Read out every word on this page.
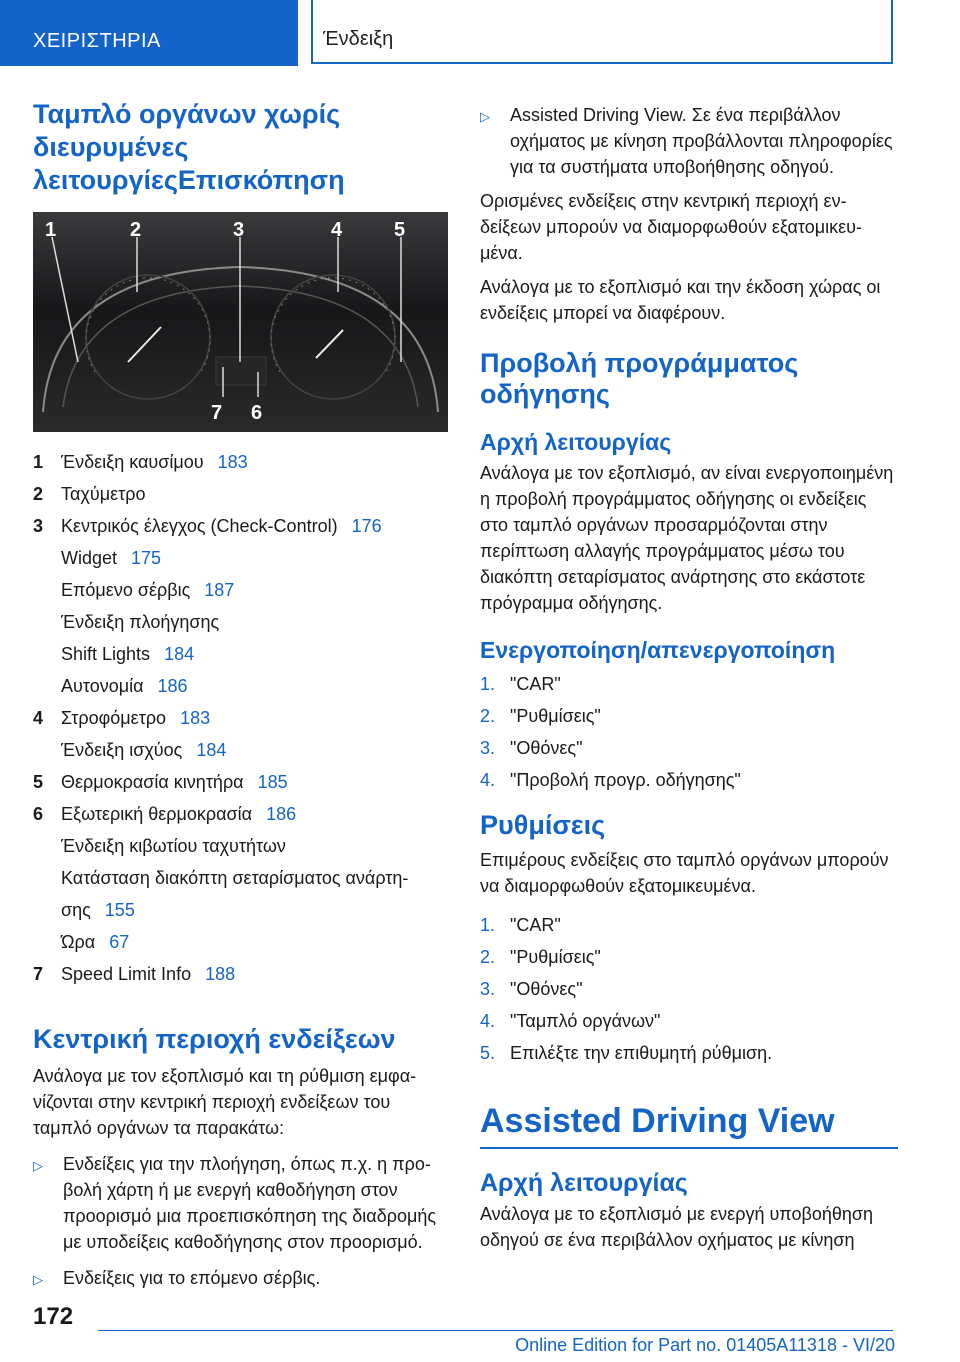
ΧΕΙΡΙΣΤΗΡΙΑ	Ένδειξη
Ταμπλό οργάνων χωρίς
διευρυμένες
λειτουργίεςΕπισκόπηση
1	2	3	4	5
7 6
1 Ένδειξη καυσίμου 183
2 Ταχύμετρο
3 Κεντρικός έλεγχος (Check-Control) 176
Widget 175
Επόμενο σέρβις 187
Ένδειξη πλοήγησης
Shift Lights 184
Αυτονομία 186
4 Στροφόμετρο 183
Ένδειξη ισχύος 184
5 Θερμοκρασία κινητήρα 185
6 Εξωτερική θερμοκρασία 186
Ένδειξη κιβωτίου ταχυτήτων
Κατάσταση διακόπτη σεταρίσματος ανάρτη-
σης 155
Ώρα 67
7 Speed Limit Info 188
Κεντρική περιοχή ενδείξεων

Ανάλογα με τον εξοπλισμό και τη ρύθμιση εμφανίζονται στην κεντρική περιοχή ενδείξεων του ταμπλό οργάνων τα παρακάτω:

▷	Ενδείξεις για την πλοήγηση, όπως π.χ. η προβολή χάρτη ή με ενεργή καθοδήγηση στον προορισμό μια προεπισκόπηση της διαδρομής με υποδείξεις καθοδήγησης στον προορισμό.
▷	Ενδείξεις για το επόμενο σέρβις.
▷	Assisted Driving View. Σε ένα περιβάλλον οχήματος με κίνηση προβάλλονται πληροφορίες για τα συστήματα υποβοήθησης οδηγού.

Ορισμένες ενδείξεις στην κεντρική περιοχή ενδείξεων μπορούν να διαμορφωθούν εξατομικευμένα.

Ανάλογα με το εξοπλισμό και την έκδοση χώρας οι ενδείξεις μπορεί να διαφέρουν.

Προβολή προγράμματος οδήγησης
Αρχή λειτουργίας

Ανάλογα με τον εξοπλισμό, αν είναι ενεργοποιημένη η προβολή προγράμματος οδήγησης οι ενδείξεις στο ταμπλό οργάνων προσαρμόζονται στην περίπτωση αλλαγής προγράμματος μέσω του διακόπτη σεταρίσματος ανάρτησης στο εκάστοτε πρόγραμμα οδήγησης.

Ενεργοποίηση/απενεργοποίηση
1. "CAR"
2. "Ρυθμίσεις"
3. "Οθόνες"
4. "Προβολή προγρ. οδήγησης"
Ρυθμίσεις

Επιμέρους ενδείξεις στο ταμπλό οργάνων μπορούν να διαμορφωθούν εξατομικευμένα.

1. "CAR"
2. "Ρυθμίσεις"
3. "Οθόνες"
4. "Ταμπλό οργάνων"
5. Επιλέξτε την επιθυμητή ρύθμιση.
Assisted Driving View
Αρχή λειτουργίας

Ανάλογα με το εξοπλισμό με ενεργή υποβοήθηση οδηγού σε ένα περιβάλλον οχήματος με κίνηση

172
Online Edition for Part no. 01405A11318 - VI/20
